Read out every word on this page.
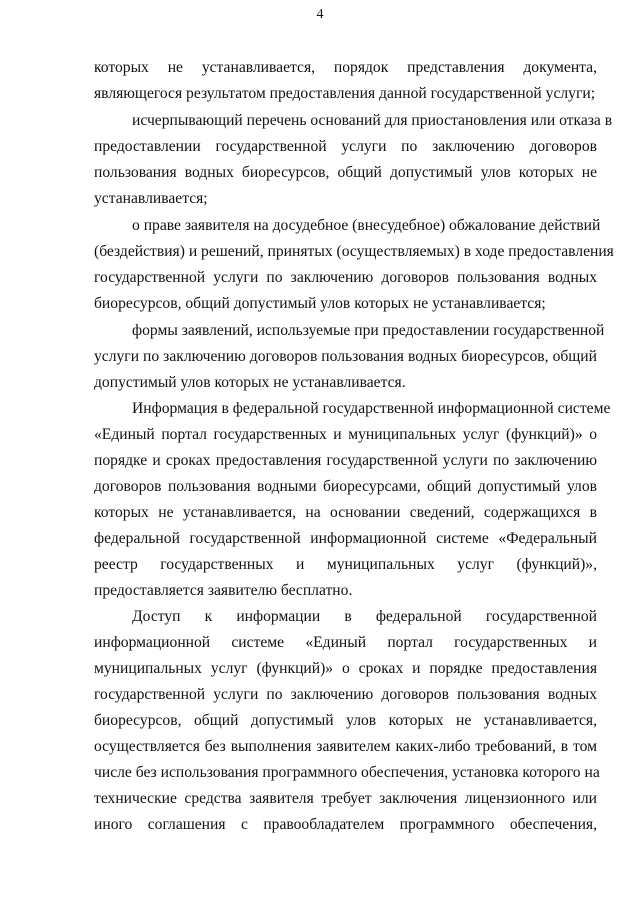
4
которых не устанавливается, порядок представления документа,
являющегося результатом предоставления данной государственной услуги;
исчерпывающий перечень оснований для приостановления или отказа в
предоставлении государственной услуги по заключению договоров
пользования водных биоресурсов, общий допустимый улов которых не
устанавливается;
о праве заявителя на досудебное (внесудебное) обжалование действий
(бездействия) и решений, принятых (осуществляемых) в ходе предоставления
государственной услуги по заключению договоров пользования водных
биоресурсов, общий допустимый улов которых не устанавливается;
формы заявлений, используемые при предоставлении государственной
услуги по заключению договоров пользования водных биоресурсов, общий
допустимый улов которых не устанавливается.
Информация в федеральной государственной информационной системе
«Единый портал государственных и муниципальных услуг (функций)» о
порядке и сроках предоставления государственной услуги по заключению
договоров пользования водными биоресурсами, общий допустимый улов
которых не устанавливается, на основании сведений, содержащихся в
федеральной государственной информационной системе «Федеральный
реестр государственных и муниципальных услуг (функций)»,
предоставляется заявителю бесплатно.
Доступ к информации в федеральной государственной
информационной системе «Единый портал государственных и
муниципальных услуг (функций)» о сроках и порядке предоставления
государственной услуги по заключению договоров пользования водных
биоресурсов, общий допустимый улов которых не устанавливается,
осуществляется без выполнения заявителем каких-либо требований, в том
числе без использования программного обеспечения, установка которого на
технические средства заявителя требует заключения лицензионного или
иного соглашения с правообладателем программного обеспечения,
